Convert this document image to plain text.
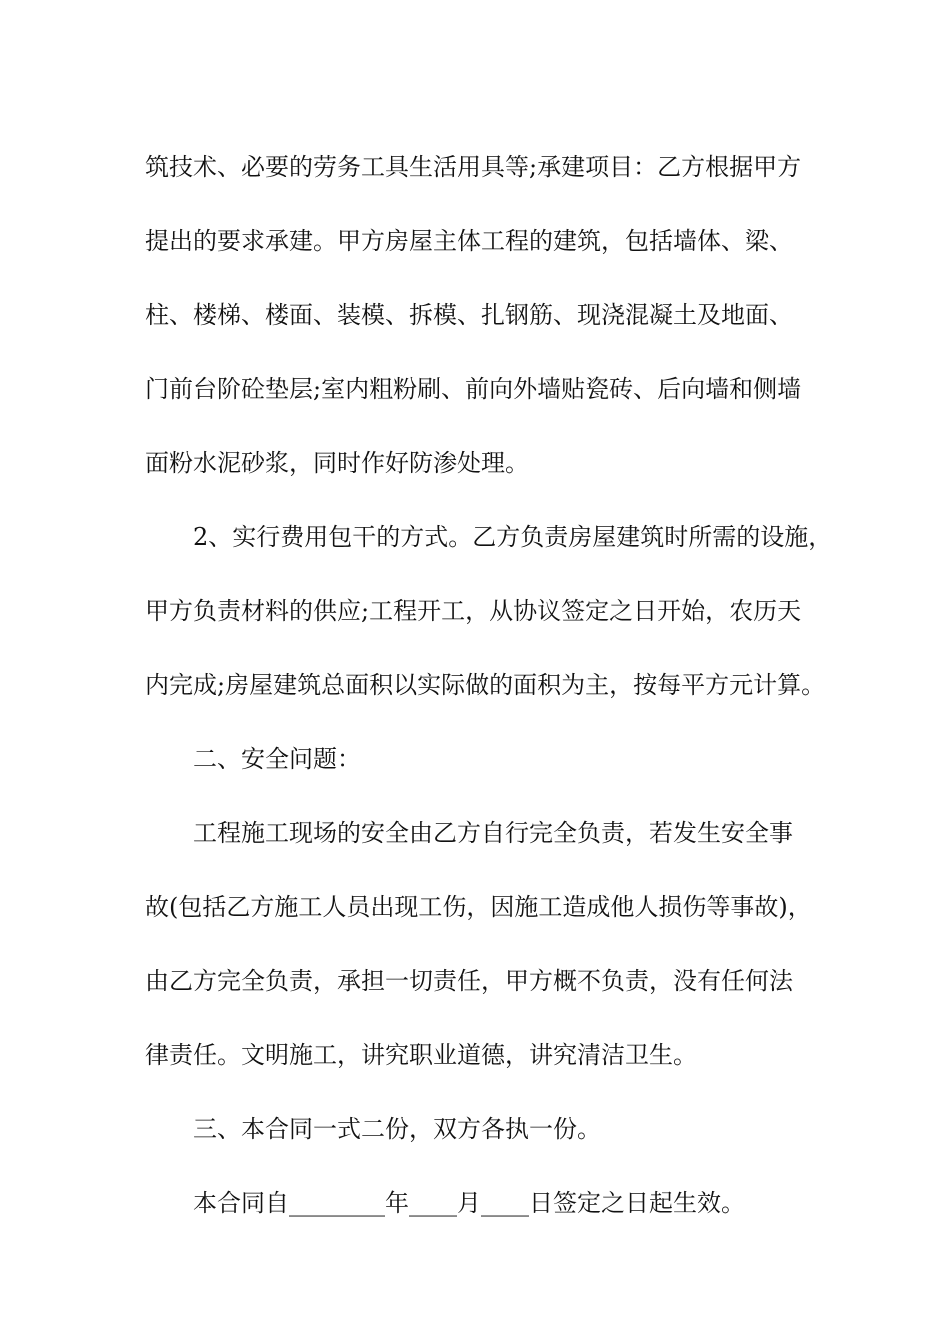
筑技术、必要的劳务工具生活用具等;承建项目：乙方根据甲方

提出的要求承建。甲方房屋主体工程的建筑，包括墙体、梁、

柱、楼梯、楼面、装模、拆模、扎钢筋、现浇混凝土及地面、

门前台阶砼垫层;室内粗粉刷、前向外墙贴瓷砖、后向墙和侧墙

面粉水泥砂浆，同时作好防渗处理。

2、实行费用包干的方式。乙方负责房屋建筑时所需的设施，

甲方负责材料的供应;工程开工，从协议签定之日开始，农历天

内完成;房屋建筑总面积以实际做的面积为主，按每平方元计算。

二、安全问题：

工程施工现场的安全由乙方自行完全负责，若发生安全事

故(包括乙方施工人员出现工伤，因施工造成他人损伤等事故)，

由乙方完全负责，承担一切责任，甲方概不负责，没有任何法

律责任。文明施工，讲究职业道德，讲究清洁卫生。

三、本合同一式二份，双方各执一份。

本合同自________年____月____日签定之日起生效。
